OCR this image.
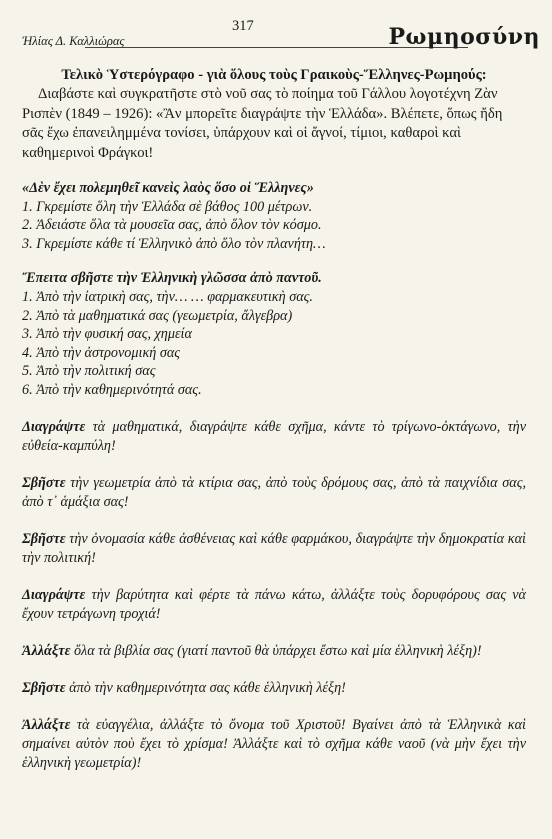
Ἠλίας Δ. Καλλιώρας
317	Ρωμηοσύνη

Τελικὸ Ὑστερόγραφο - γιὰ ὅλους τοὺς Γραικοὺς-Ἕλληνες-Ρωμηούς:

Διαβάστε καὶ συγκρατῆστε στὸ νοῦ σας τὸ ποίημα τοῦ Γάλλου λογοτέχνη Ζὰν Ρισπὲν (1849 – 1926): «Ἂν μπορεῖτε διαγράψτε τὴν Ἑλλάδα». Βλέπετε, ὅπως ἤδη σᾶς ἔχω ἐπανειλημμένα τονίσει, ὑπάρχουν καὶ οἱ ἄγνοί, τίμιοι, καθαροὶ καὶ καθημερινοὶ Φράγκοι!

«Δὲν ἔχει πολεμηθεῖ κανεὶς λαὸς ὅσο οἱ Ἕλληνες»
1. Γκρεμίστε ὅλη τὴν Ἑλλάδα σὲ βάθος 100 μέτρων.
2. Ἀδειάστε ὅλα τὰ μουσεῖα σας, ἀπὸ ὅλον τὸν κόσμο.
3. Γκρεμίστε κάθε τί Ἑλληνικὸ ἀπὸ ὅλο τὸν πλανήτη…
Ἔπειτα σβῆστε τὴν Ἑλληνικὴ γλῶσσα ἀπὸ παντοῦ.
1. Ἀπὸ τὴν ἰατρικὴ σας, τὴν… … φαρμακευτικὴ σας.
2. Ἀπὸ τὰ μαθηματικά σας (γεωμετρία, ἄλγεβρα)
3. Ἀπὸ τὴν φυσική σας, χημεία
4. Ἀπὸ τὴν ἀστρονομική σας
5. Ἀπὸ τὴν πολιτική σας
6. Ἀπὸ τὴν καθημερινότητά σας.

Διαγράψτε τὰ μαθηματικά, διαγράψτε κάθε σχῆμα, κάντε τὸ τρίγωνο-ὀκτάγωνο, τὴν εὐθεία-καμπύλη!

Σβῆστε τὴν γεωμετρία ἀπὸ τὰ κτίρια σας, ἀπὸ τοὺς δρόμους σας, ἀπὸ τὰ παιχνίδια σας, ἀπὸ τ᾽ ἁμάξια σας!

Σβῆστε τὴν ὀνομασία κάθε ἀσθένειας καὶ κάθε φαρμάκου, διαγράψτε τὴν δημοκρατία καὶ τὴν πολιτική!

Διαγράψτε τὴν βαρύτητα καὶ φέρτε τὰ πάνω κάτω, ἀλλάξτε τοὺς δορυφόρους σας νὰ ἔχουν τετράγωνη τροχιά!

Ἀλλάξτε ὅλα τὰ βιβλία σας (γιατί παντοῦ θὰ ὑπάρχει ἔστω καὶ μία ἑλληνικὴ λέξη)!

Σβῆστε ἀπὸ τὴν καθημερινότητα σας κάθε ἑλληνικὴ λέξη!

Ἀλλάξτε τὰ εὐαγγέλια, ἀλλάξτε τὸ ὄνομα τοῦ Χριστοῦ! Βγαίνει ἀπὸ τὰ Ἑλληνικὰ καὶ σημαίνει αὐτὸν ποὺ ἔχει τὸ χρίσμα! Ἀλλάξτε καὶ τὸ σχῆμα κάθε ναοῦ (νὰ μὴν ἔχει τὴν ἑλληνικὴ γεωμετρία)!
